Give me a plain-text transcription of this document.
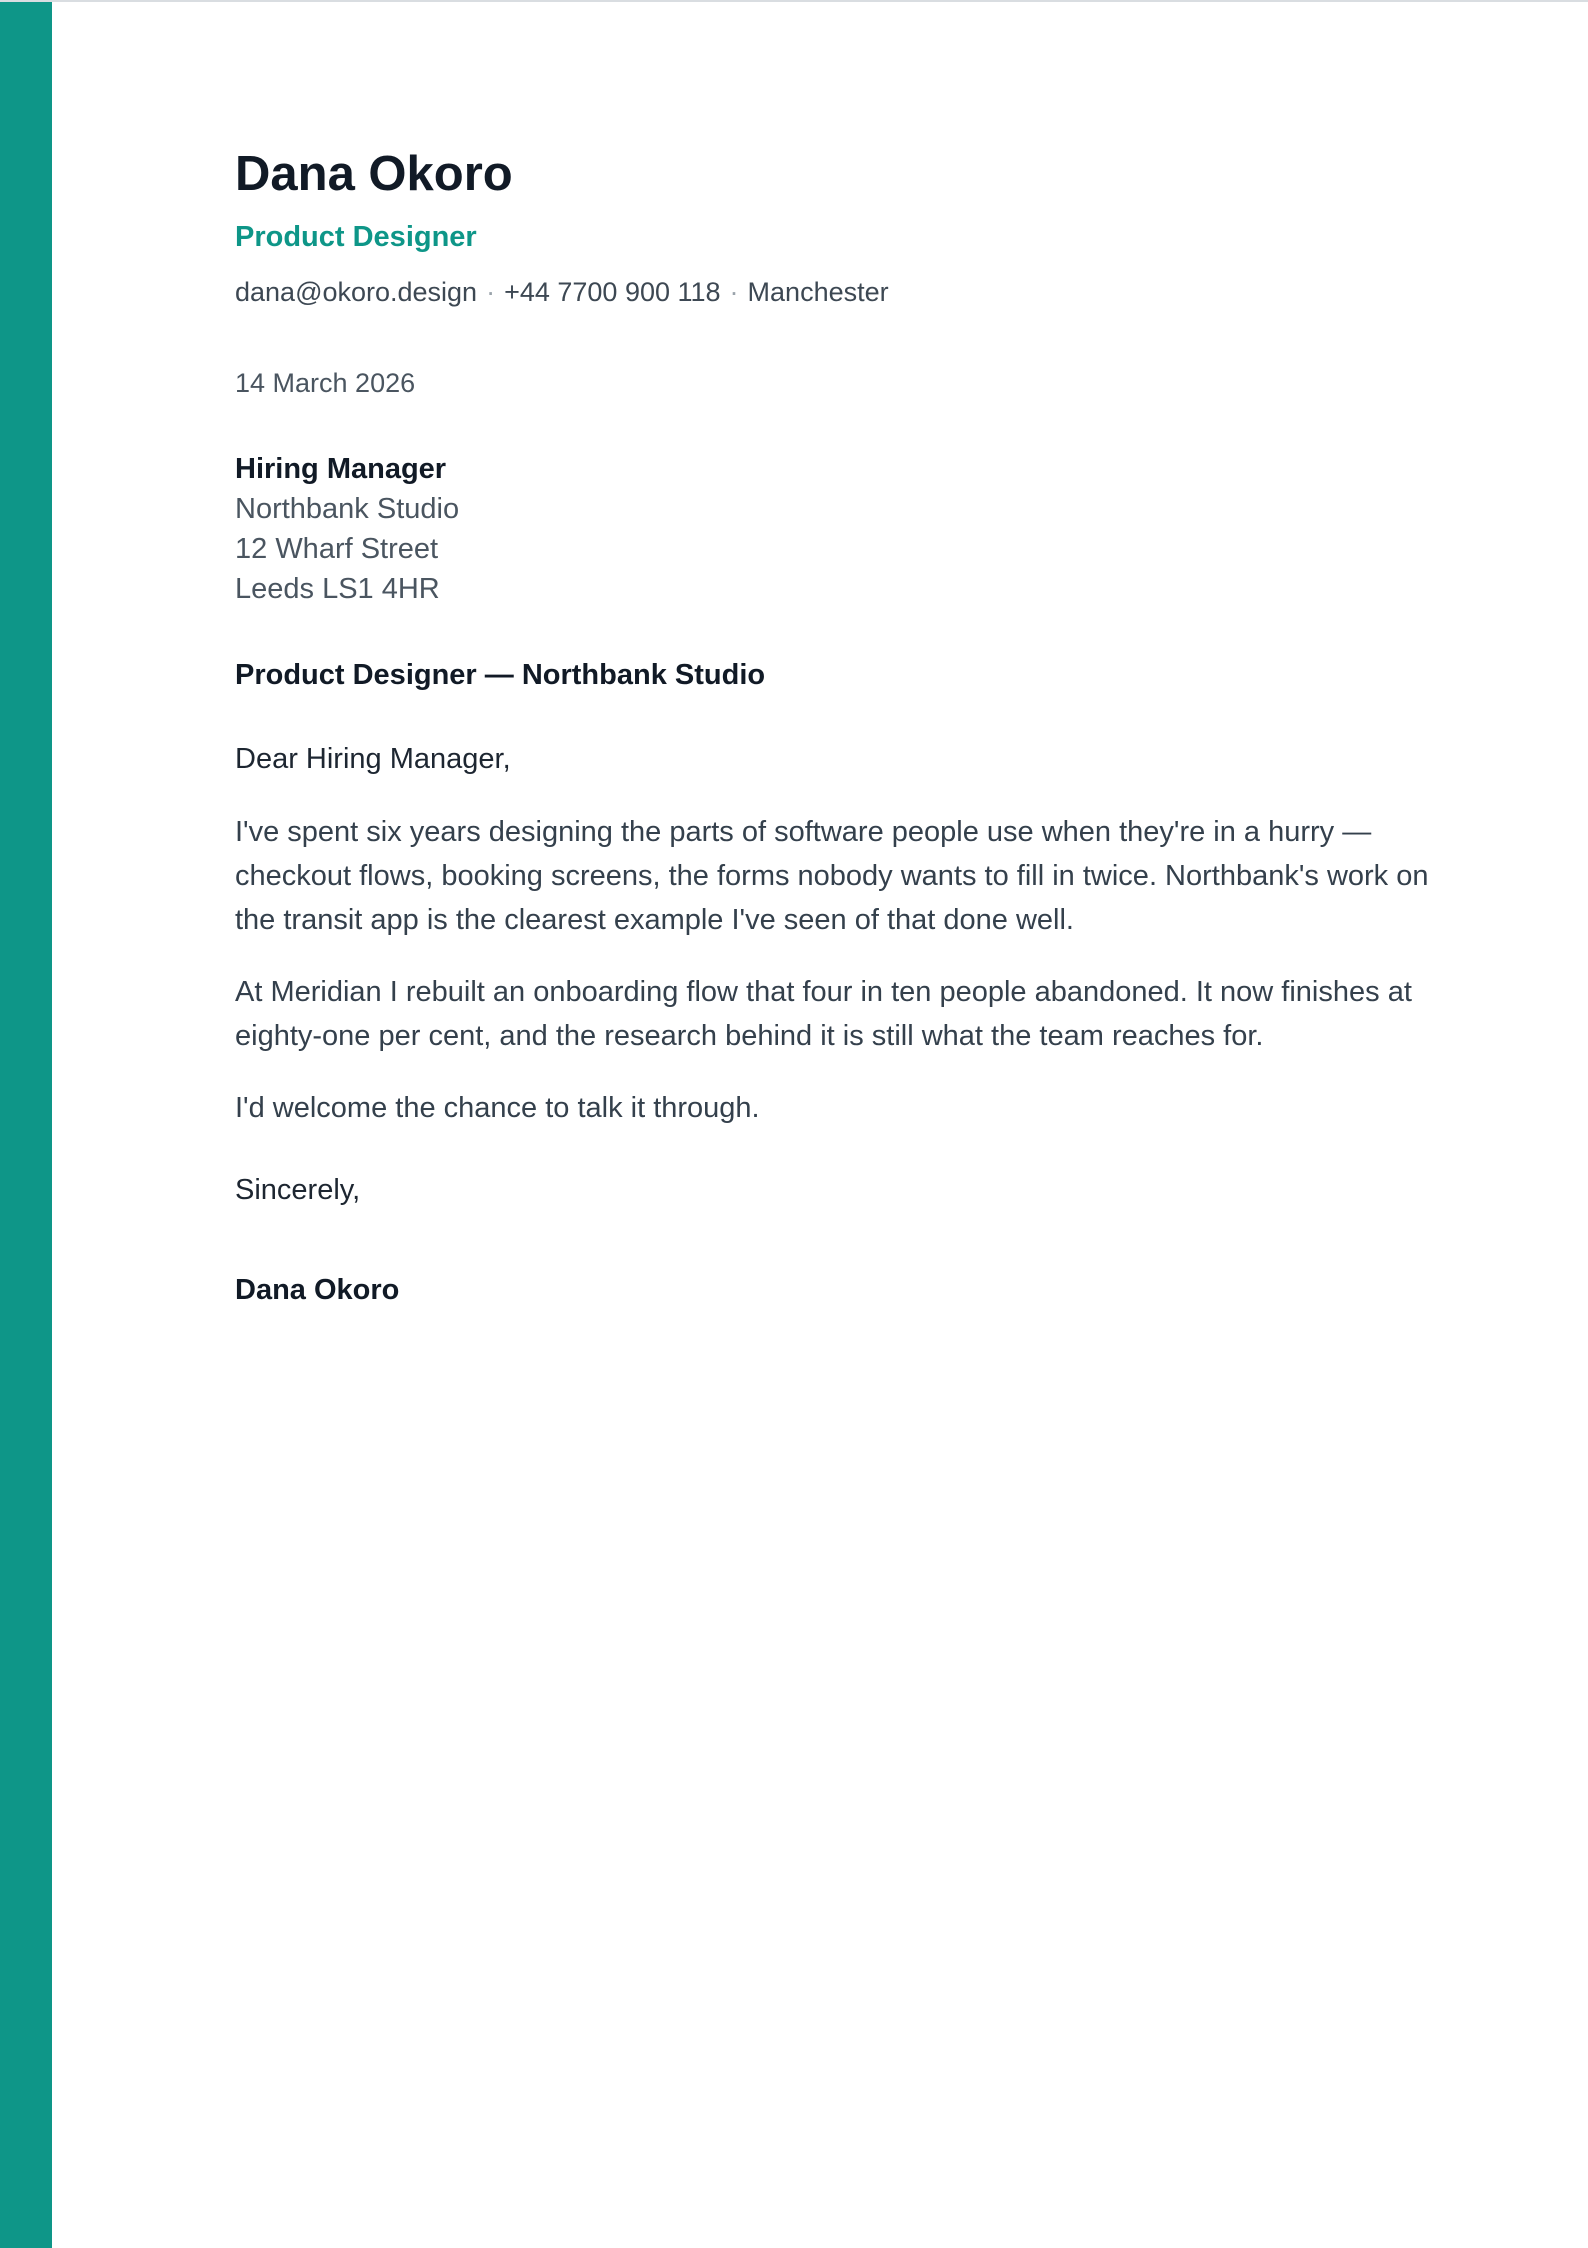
Dana Okoro
Product Designer
dana@okoro.design · +44 7700 900 118 · Manchester
14 March 2026
Hiring Manager
Northbank Studio
12 Wharf Street
Leeds LS1 4HR
Product Designer — Northbank Studio
Dear Hiring Manager,

I've spent six years designing the parts of software people use when they're in a hurry — checkout flows, booking screens, the forms nobody wants to fill in twice. Northbank's work on the transit app is the clearest example I've seen of that done well.

At Meridian I rebuilt an onboarding flow that four in ten people abandoned. It now finishes at eighty-one per cent, and the research behind it is still what the team reaches for.

I'd welcome the chance to talk it through.

Sincerely,
Dana Okoro
